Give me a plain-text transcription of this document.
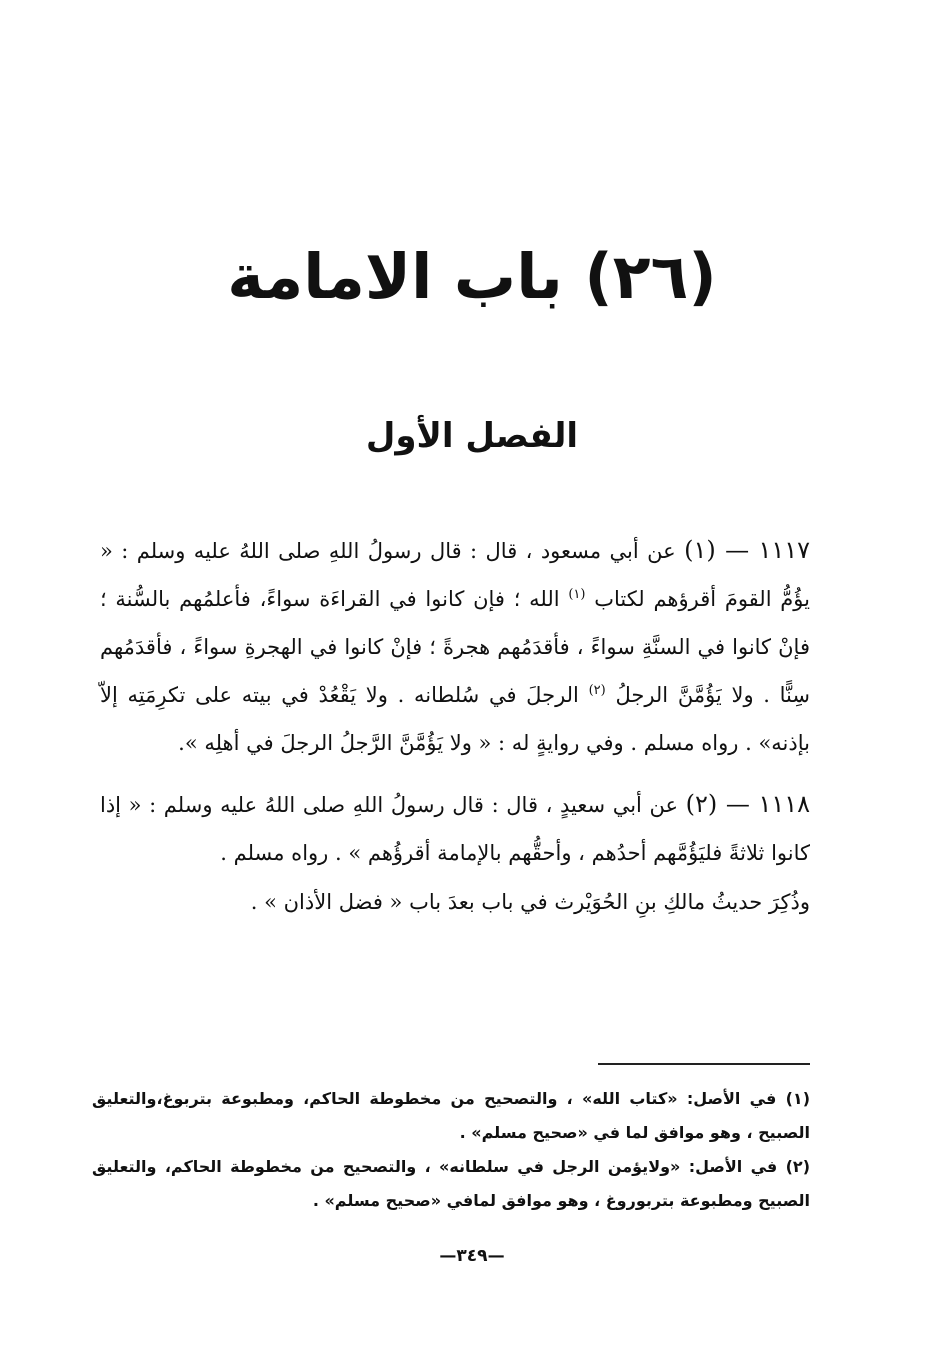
(٢٦) باب الامامة
الفصل الأول

١١١٧ — (١) عن أبي مسعود ، قال : قال رسولُ اللهِ صلى اللهُ عليه وسلم : « يؤُمُّ القومَ أقرؤهم لكتاب $^{(١)}$ الله ؛ فإن كانوا في القراءَة سواءً، فأعلمُهم بالسُّنة ؛فإنْ كانوا في السنَّةِ سواءً ، فأقدَمُهم هجرةً ؛ فإنْ كانوا في الهجرةِ سواءً ، فأقدَمُهم سِنًّا . ولا يَؤُمَّنَّ الرجلُ $^{(٢)}$ الرجلَ في سُلطانه . ولا يَقْعُدْ في بيته على تكرِمَتِه إلاّ بإذنه» . رواه مسلم . وفي روايةٍ له : « ولا يَؤُمَّنَّ الرَّجلُ الرجلَ في أهلِه ».

١١١٨ — (٢) عن أبي سعيدٍ ، قال : قال رسولُ اللهِ صلى اللهُ عليه وسلم : « إذا كانوا ثلاثةً فليَؤُمَّهم أحدُهم ، وأحقُّهم بالإمامة أقرؤُهم » . رواه مسلم .

وذُكِرَ حديثُ مالكِ بنِ الحُوَيْرث في باب بعدَ باب « فضل الأذان » .

(١) في الأصل: «كتاب الله» ، والتصحيح من مخطوطة الحاكم، ومطبوعة بتربوغ،والتعليق الصبيح ، وهو موافق لما في «صحيح مسلم» .

(٢) في الأصل: «ولايؤمن الرجل في سلطانه» ، والتصحيح من مخطوطة الحاكم، والتعليق الصبيح ومطبوعة بتربوروغ ، وهو موافق لمافي «صحيح مسلم» .

—٣٤٩—
